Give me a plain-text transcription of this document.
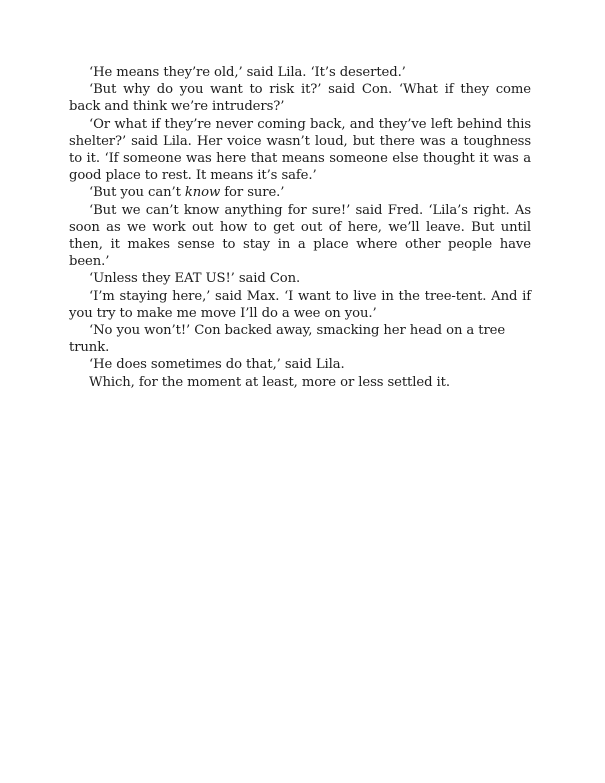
‘He means they’re old,’ said Lila. ‘It’s deserted.’

‘But why do you want to risk it?’ said Con. ‘What if they come back and think we’re intruders?’

‘Or what if they’re never coming back, and they’ve left behind this shelter?’ said Lila. Her voice wasn’t loud, but there was a toughness to it. ‘If someone was here that means someone else thought it was a good place to rest. It means it’s safe.’

‘But you can’t know for sure.’

‘But we can’t know anything for sure!’ said Fred. ‘Lila’s right. As soon as we work out how to get out of here, we’ll leave. But until then, it makes sense to stay in a place where other people have been.’

‘Unless they EAT US!’ said Con.

‘I’m staying here,’ said Max. ‘I want to live in the tree-tent. And if you try to make me move I’ll do a wee on you.’

‘No you won’t!’ Con backed away, smacking her head on a tree trunk.

‘He does sometimes do that,’ said Lila.

Which, for the moment at least, more or less settled it.
